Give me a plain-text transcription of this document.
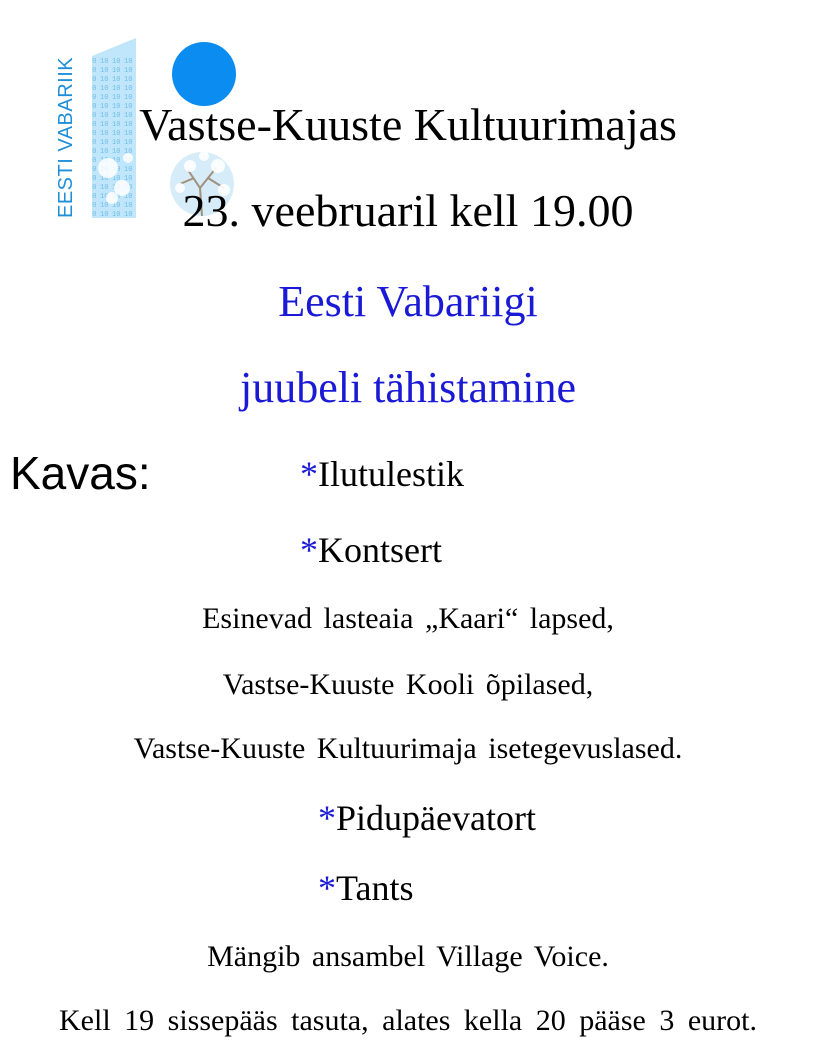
EESTI VABARIIK	Vastse-Kuuste Kultuurimajas
23. veebruaril kell 19.00
Eesti Vabariigi
juubeli tähistamine
Kavas:	*Ilutulestik
*Kontsert
Esinevad lasteaia „Kaari“ lapsed,
Vastse-Kuuste Kooli õpilased,
Vastse-Kuuste Kultuurimaja isetegevuslased.
*Pidupäevatort
*Tants
Mängib ansambel Village Voice.
Kell 19 sissepääs tasuta, alates kella 20 pääse 3 eurot.
